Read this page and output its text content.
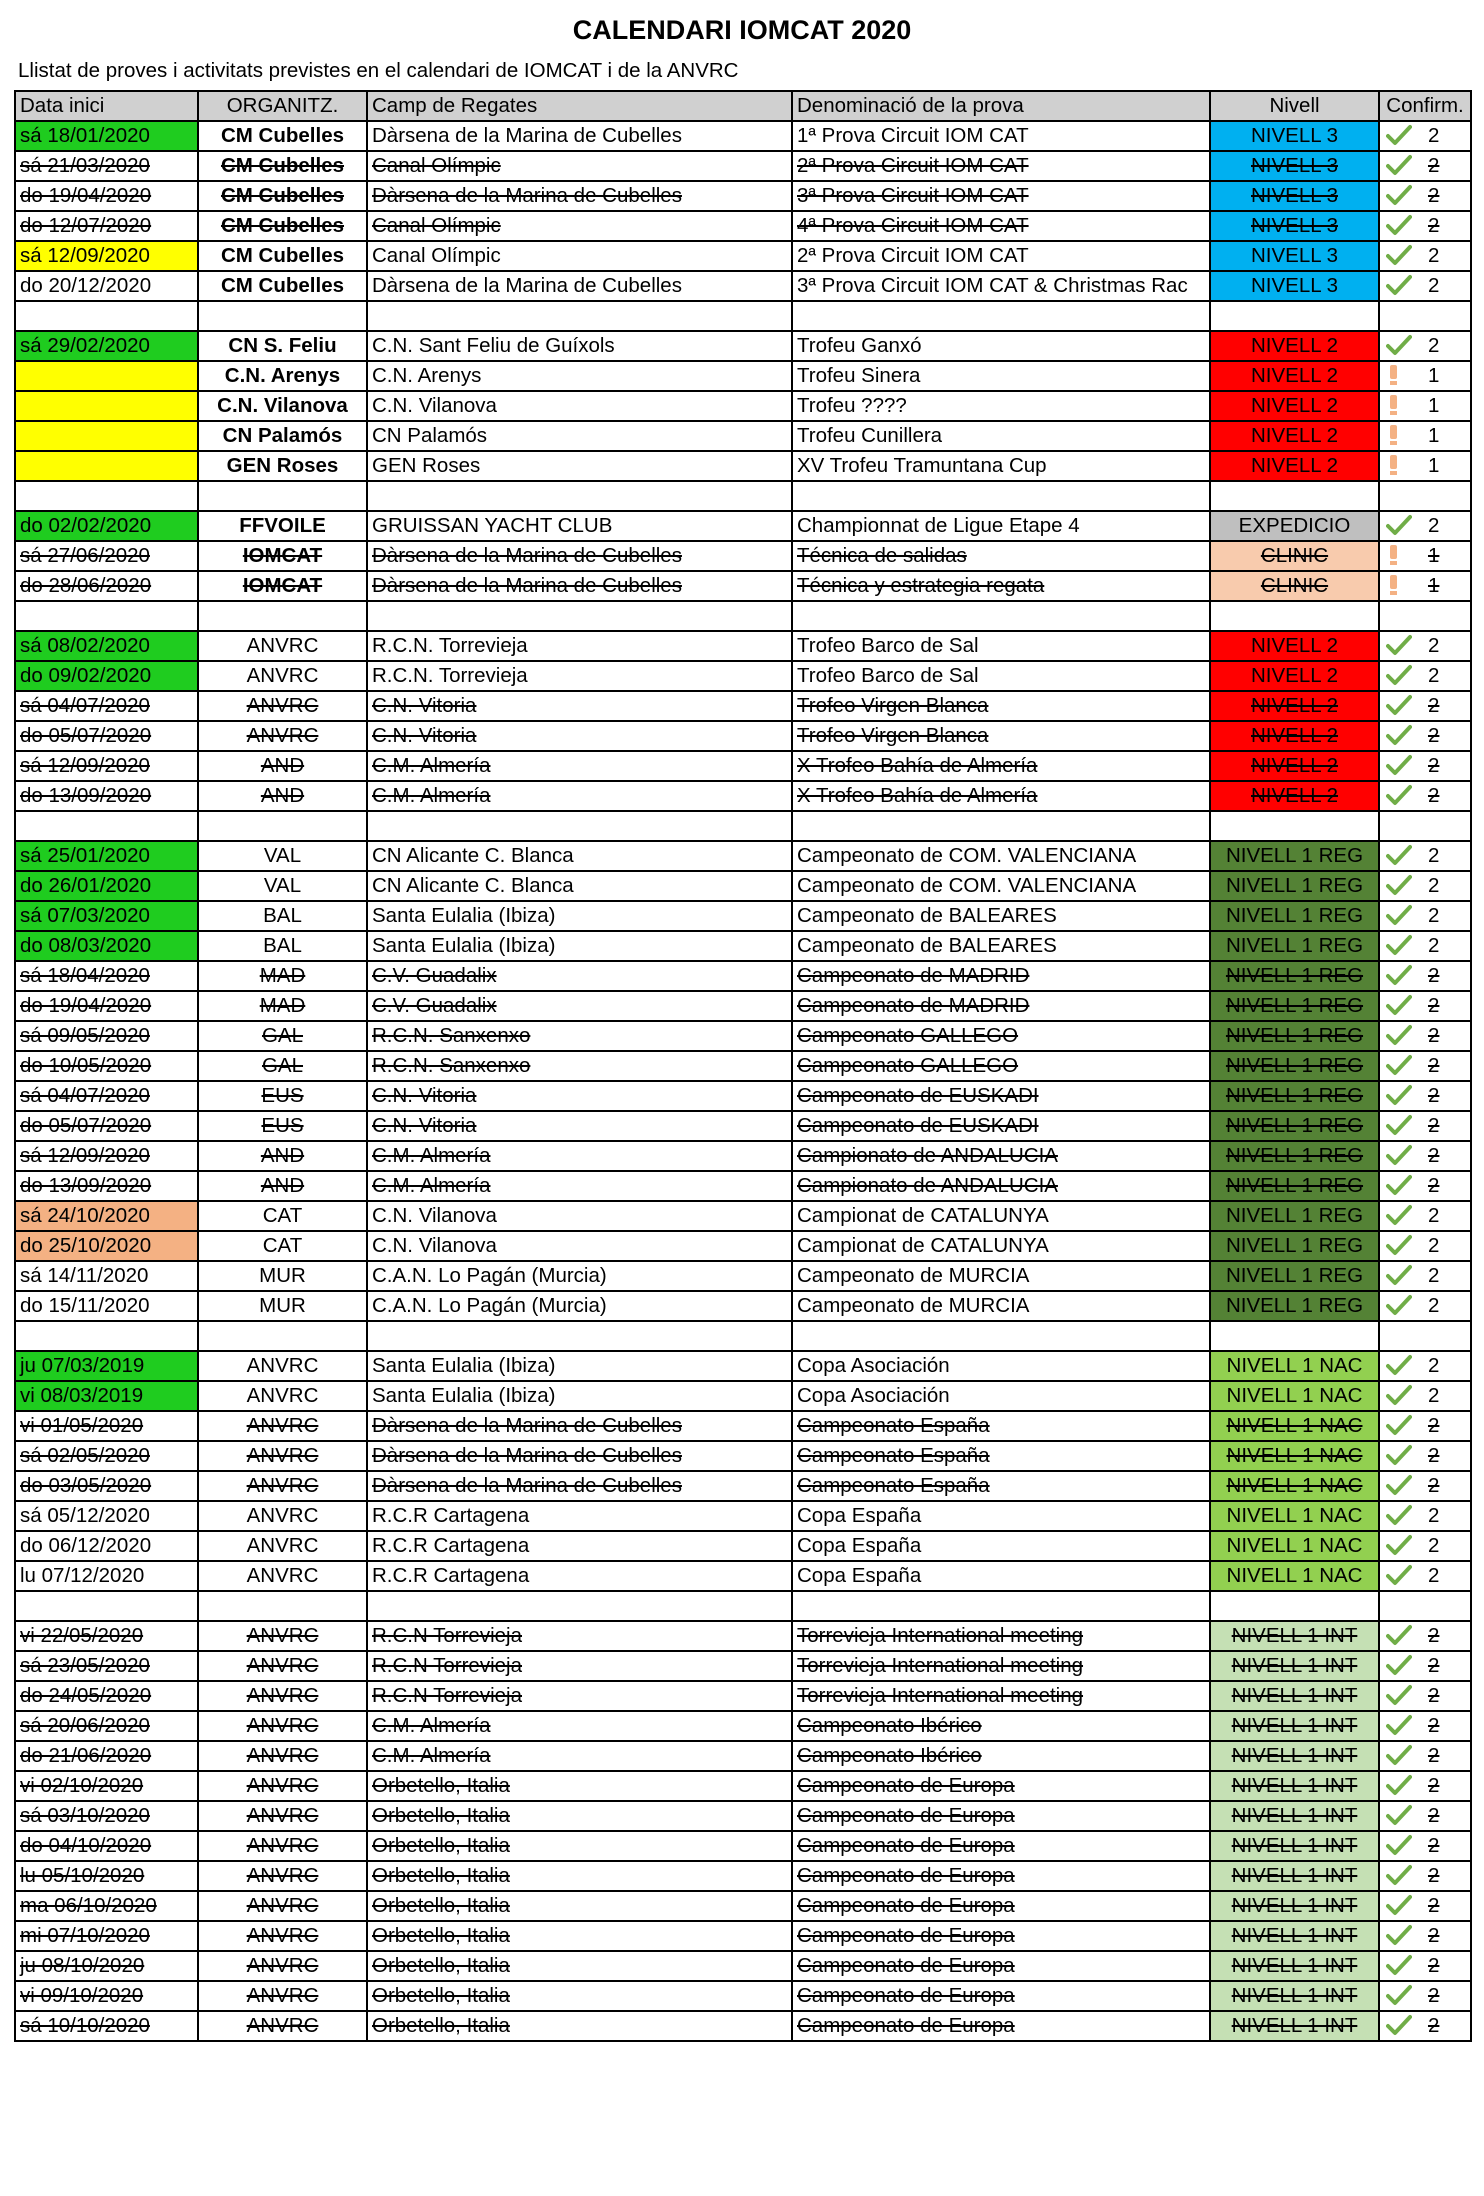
CALENDARI IOMCAT 2020
Llistat de proves i activitats previstes en el calendari de IOMCAT i de la ANVRC
Data inici	ORGANITZ.	Camp de Regates	Denominació de la prova	Nivell	Confirm.
sá 18/01/2020	CM Cubelles	Dàrsena de la Marina de Cubelles	1ª Prova Circuit IOM CAT	NIVELL 3	2
sá 21/03/2020	CM Cubelles	Canal Olímpic	2ª Prova Circuit IOM CAT	NIVELL 3	2
do 19/04/2020	CM Cubelles	Dàrsena de la Marina de Cubelles	3ª Prova Circuit IOM CAT	NIVELL 3	2
do 12/07/2020	CM Cubelles	Canal Olímpic	4ª Prova Circuit IOM CAT	NIVELL 3	2
sá 12/09/2020	CM Cubelles	Canal Olímpic	2ª Prova Circuit IOM CAT	NIVELL 3	2
do 20/12/2020	CM Cubelles	Dàrsena de la Marina de Cubelles	3ª Prova Circuit IOM CAT & Christmas Rac	NIVELL 3	2

sá 29/02/2020	CN S. Feliu	C.N. Sant Feliu de Guíxols	Trofeu Ganxó	NIVELL 2	2
	C.N. Arenys	C.N. Arenys	Trofeu Sinera	NIVELL 2	1
	C.N. Vilanova	C.N. Vilanova	Trofeu ????	NIVELL 2	1
	CN Palamós	CN Palamós	Trofeu Cunillera	NIVELL 2	1
	GEN Roses	GEN Roses	XV Trofeu Tramuntana Cup	NIVELL 2	1

do 02/02/2020	FFVOILE	GRUISSAN YACHT CLUB	Championnat de Ligue Etape 4	EXPEDICIO	2
sá 27/06/2020	IOMCAT	Dàrsena de la Marina de Cubelles	Técnica de salidas	CLINIC	1
do 28/06/2020	IOMCAT	Dàrsena de la Marina de Cubelles	Técnica y estrategia regata	CLINIC	1

sá 08/02/2020	ANVRC	R.C.N. Torrevieja	Trofeo Barco de Sal	NIVELL 2	2
do 09/02/2020	ANVRC	R.C.N. Torrevieja	Trofeo Barco de Sal	NIVELL 2	2
sá 04/07/2020	ANVRC	C.N. Vitoria	Trofeo Virgen Blanca	NIVELL 2	2
do 05/07/2020	ANVRC	C.N. Vitoria	Trofeo Virgen Blanca	NIVELL 2	2
sá 12/09/2020	AND	C.M. Almería	X Trofeo Bahía de Almería	NIVELL 2	2
do 13/09/2020	AND	C.M. Almería	X Trofeo Bahía de Almería	NIVELL 2	2

sá 25/01/2020	VAL	CN Alicante C. Blanca	Campeonato de COM. VALENCIANA	NIVELL 1 REG	2
do 26/01/2020	VAL	CN Alicante C. Blanca	Campeonato de COM. VALENCIANA	NIVELL 1 REG	2
sá 07/03/2020	BAL	Santa Eulalia (Ibiza)	Campeonato de BALEARES	NIVELL 1 REG	2
do 08/03/2020	BAL	Santa Eulalia (Ibiza)	Campeonato de BALEARES	NIVELL 1 REG	2
sá 18/04/2020	MAD	C.V. Guadalix	Campeonato de MADRID	NIVELL 1 REG	2
do 19/04/2020	MAD	C.V. Guadalix	Campeonato de MADRID	NIVELL 1 REG	2
sá 09/05/2020	GAL	R.C.N. Sanxenxo	Campeonato GALLEGO	NIVELL 1 REG	2
do 10/05/2020	GAL	R.C.N. Sanxenxo	Campeonato GALLEGO	NIVELL 1 REG	2
sá 04/07/2020	EUS	C.N. Vitoria	Campeonato de EUSKADI	NIVELL 1 REG	2
do 05/07/2020	EUS	C.N. Vitoria	Campeonato de EUSKADI	NIVELL 1 REG	2
sá 12/09/2020	AND	C.M. Almería	Campionato de ANDALUCIA	NIVELL 1 REG	2
do 13/09/2020	AND	C.M. Almería	Campionato de ANDALUCIA	NIVELL 1 REG	2
sá 24/10/2020	CAT	C.N. Vilanova	Campionat de CATALUNYA	NIVELL 1 REG	2
do 25/10/2020	CAT	C.N. Vilanova	Campionat de CATALUNYA	NIVELL 1 REG	2
sá 14/11/2020	MUR	C.A.N. Lo Pagán (Murcia)	Campeonato de MURCIA	NIVELL 1 REG	2
do 15/11/2020	MUR	C.A.N. Lo Pagán (Murcia)	Campeonato de MURCIA	NIVELL 1 REG	2

ju 07/03/2019	ANVRC	Santa Eulalia (Ibiza)	Copa Asociación	NIVELL 1 NAC	2
vi 08/03/2019	ANVRC	Santa Eulalia (Ibiza)	Copa Asociación	NIVELL 1 NAC	2
vi 01/05/2020	ANVRC	Dàrsena de la Marina de Cubelles	Campeonato España	NIVELL 1 NAC	2
sá 02/05/2020	ANVRC	Dàrsena de la Marina de Cubelles	Campeonato España	NIVELL 1 NAC	2
do 03/05/2020	ANVRC	Dàrsena de la Marina de Cubelles	Campeonato España	NIVELL 1 NAC	2
sá 05/12/2020	ANVRC	R.C.R Cartagena	Copa España	NIVELL 1 NAC	2
do 06/12/2020	ANVRC	R.C.R Cartagena	Copa España	NIVELL 1 NAC	2
lu 07/12/2020	ANVRC	R.C.R Cartagena	Copa España	NIVELL 1 NAC	2

vi 22/05/2020	ANVRC	R.C.N Torrevieja	Torrevieja International meeting	NIVELL 1 INT	2
sá 23/05/2020	ANVRC	R.C.N Torrevieja	Torrevieja International meeting	NIVELL 1 INT	2
do 24/05/2020	ANVRC	R.C.N Torrevieja	Torrevieja International meeting	NIVELL 1 INT	2
sá 20/06/2020	ANVRC	C.M. Almería	Campeonato Ibérico	NIVELL 1 INT	2
do 21/06/2020	ANVRC	C.M. Almería	Campeonato Ibérico	NIVELL 1 INT	2
vi 02/10/2020	ANVRC	Orbetello, Italia	Campeonato de Europa	NIVELL 1 INT	2
sá 03/10/2020	ANVRC	Orbetello, Italia	Campeonato de Europa	NIVELL 1 INT	2
do 04/10/2020	ANVRC	Orbetello, Italia	Campeonato de Europa	NIVELL 1 INT	2
lu 05/10/2020	ANVRC	Orbetello, Italia	Campeonato de Europa	NIVELL 1 INT	2
ma 06/10/2020	ANVRC	Orbetello, Italia	Campeonato de Europa	NIVELL 1 INT	2
mi 07/10/2020	ANVRC	Orbetello, Italia	Campeonato de Europa	NIVELL 1 INT	2
ju 08/10/2020	ANVRC	Orbetello, Italia	Campeonato de Europa	NIVELL 1 INT	2
vi 09/10/2020	ANVRC	Orbetello, Italia	Campeonato de Europa	NIVELL 1 INT	2
sá 10/10/2020	ANVRC	Orbetello, Italia	Campeonato de Europa	NIVELL 1 INT	2
